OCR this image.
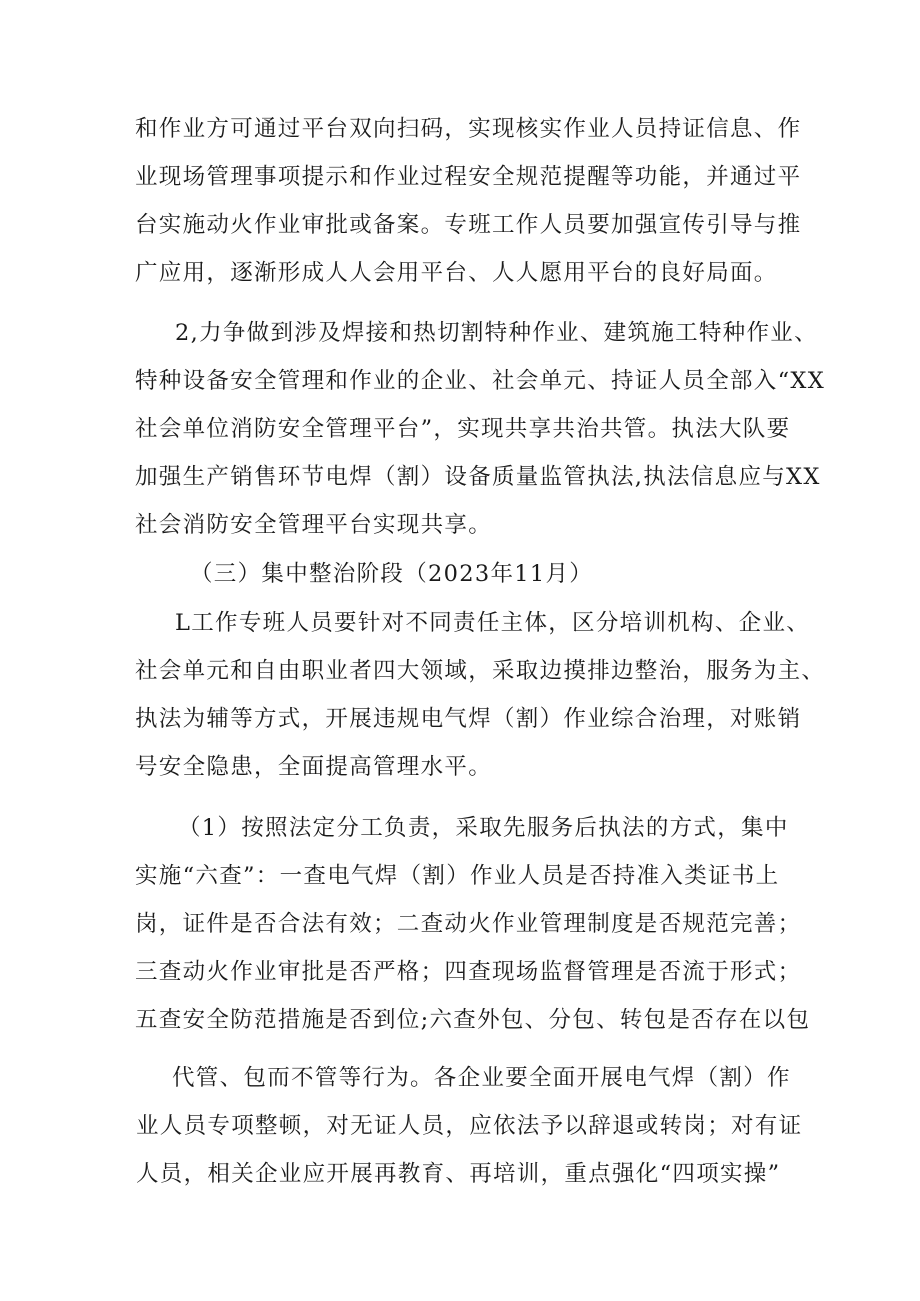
和作业方可通过平台双向扫码，实现核实作业人员持证信息、作
业现场管理事项提示和作业过程安全规范提醒等功能，并通过平
台实施动火作业审批或备案。专班工作人员要加强宣传引导与推
广应用，逐渐形成人人会用平台、人人愿用平台的良好局面。
2,力争做到涉及焊接和热切割特种作业、建筑施工特种作业、
特种设备安全管理和作业的企业、社会单元、持证人员全部入“XX
社会单位消防安全管理平台”，实现共享共治共管。执法大队要
加强生产销售环节电焊（割）设备质量监管执法,执法信息应与XX
社会消防安全管理平台实现共享。
（三）集中整治阶段（2023年11月）
L工作专班人员要针对不同责任主体，区分培训机构、企业、
社会单元和自由职业者四大领域，采取边摸排边整治，服务为主、
执法为辅等方式，开展违规电气焊（割）作业综合治理，对账销
号安全隐患，全面提高管理水平。
（1）按照法定分工负责，采取先服务后执法的方式，集中
实施“六查”：一查电气焊（割）作业人员是否持准入类证书上
岗，证件是否合法有效；二查动火作业管理制度是否规范完善；
三查动火作业审批是否严格；四查现场监督管理是否流于形式；
五查安全防范措施是否到位;六查外包、分包、转包是否存在以包
代管、包而不管等行为。各企业要全面开展电气焊（割）作
业人员专项整顿，对无证人员，应依法予以辞退或转岗；对有证
人员，相关企业应开展再教育、再培训，重点强化“四项实操”
